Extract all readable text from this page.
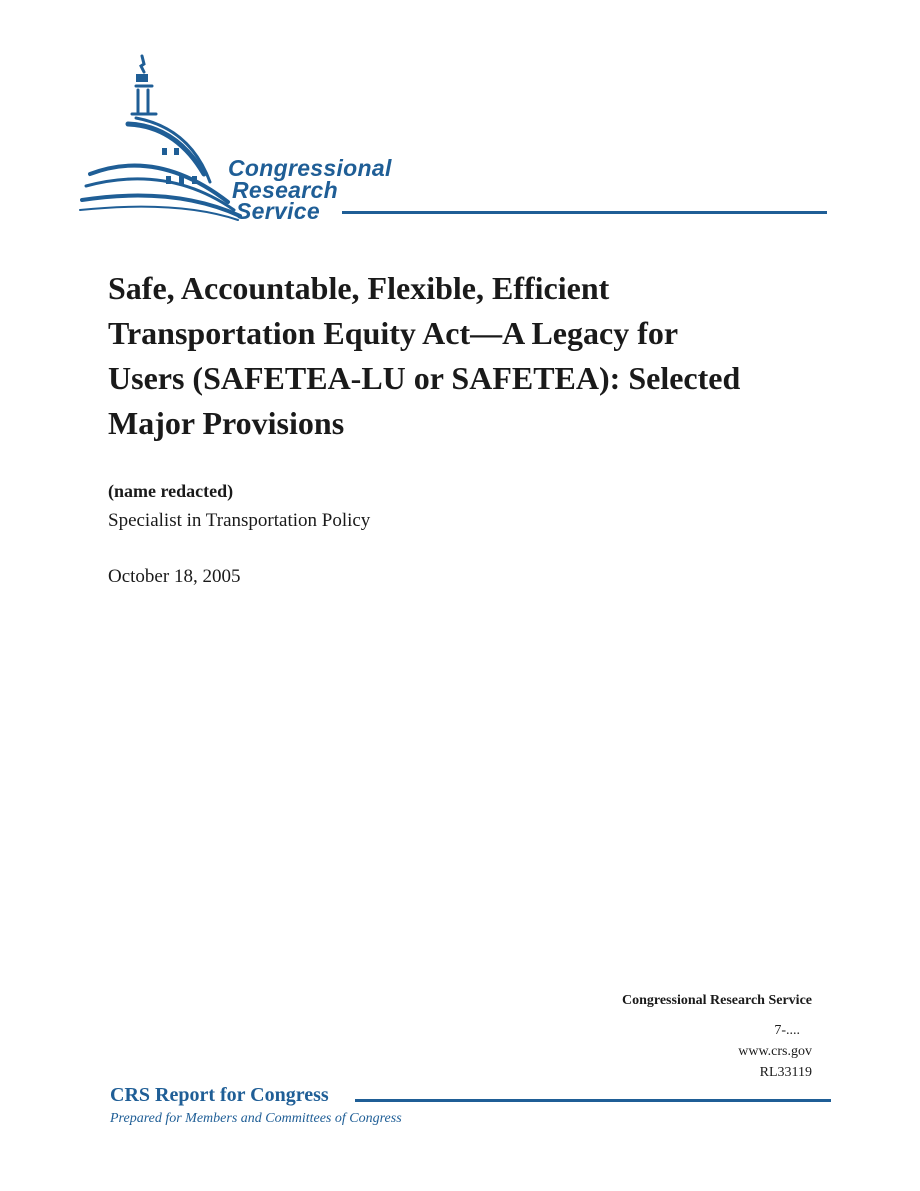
Congressional
Research
Service
Safe, Accountable, Flexible, Efficient Transportation Equity Act—A Legacy for Users (SAFETEA-LU or SAFETEA): Selected Major Provisions
(name redacted)
Specialist in Transportation Policy
October 18, 2005
Congressional Research Service
7-....
www.crs.gov
RL33119
CRS Report for Congress
Prepared for Members and Committees of Congress
